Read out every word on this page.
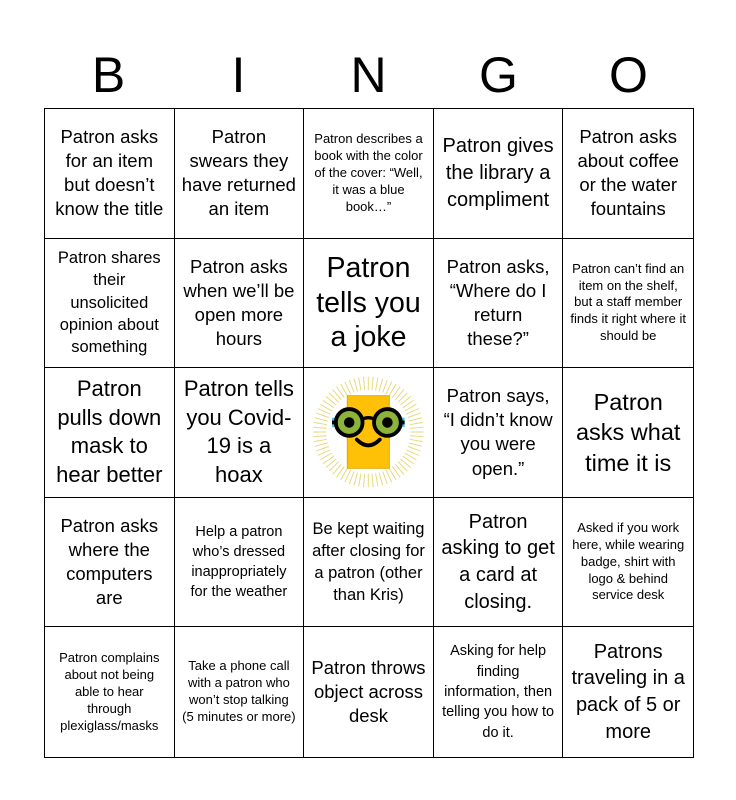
B	I	N	G	O
Patron asks for an item but doesn’t know the title
Patron swears they have returned an item
Patron describes a book with the color of the cover: “Well, it was a blue book…”
Patron gives the library a compliment
Patron asks about coffee or the water fountains
Patron shares their unsolicited opinion about something
Patron asks when we’ll be open more hours
Patron tells you a joke
Patron asks, “Where do I return these?”
Patron can’t find an item on the shelf, but a staff member finds it right where it should be
Patron pulls down mask to hear better
Patron tells you Covid-19 is a hoax
Patron says, “I didn’t know you were open.”
Patron asks what time it is
Patron asks where the computers are
Help a patron who’s dressed inappropriately for the weather
Be kept waiting after closing for a patron (other than Kris)
Patron asking to get a card at closing.
Asked if you work here, while wearing badge, shirt with logo & behind service desk
Patron complains about not being able to hear through plexiglass/masks
Take a phone call with a patron who won’t stop talking (5 minutes or more)
Patron throws object across desk
Asking for help finding information, then telling you how to do it.
Patrons traveling in a pack of 5 or more
